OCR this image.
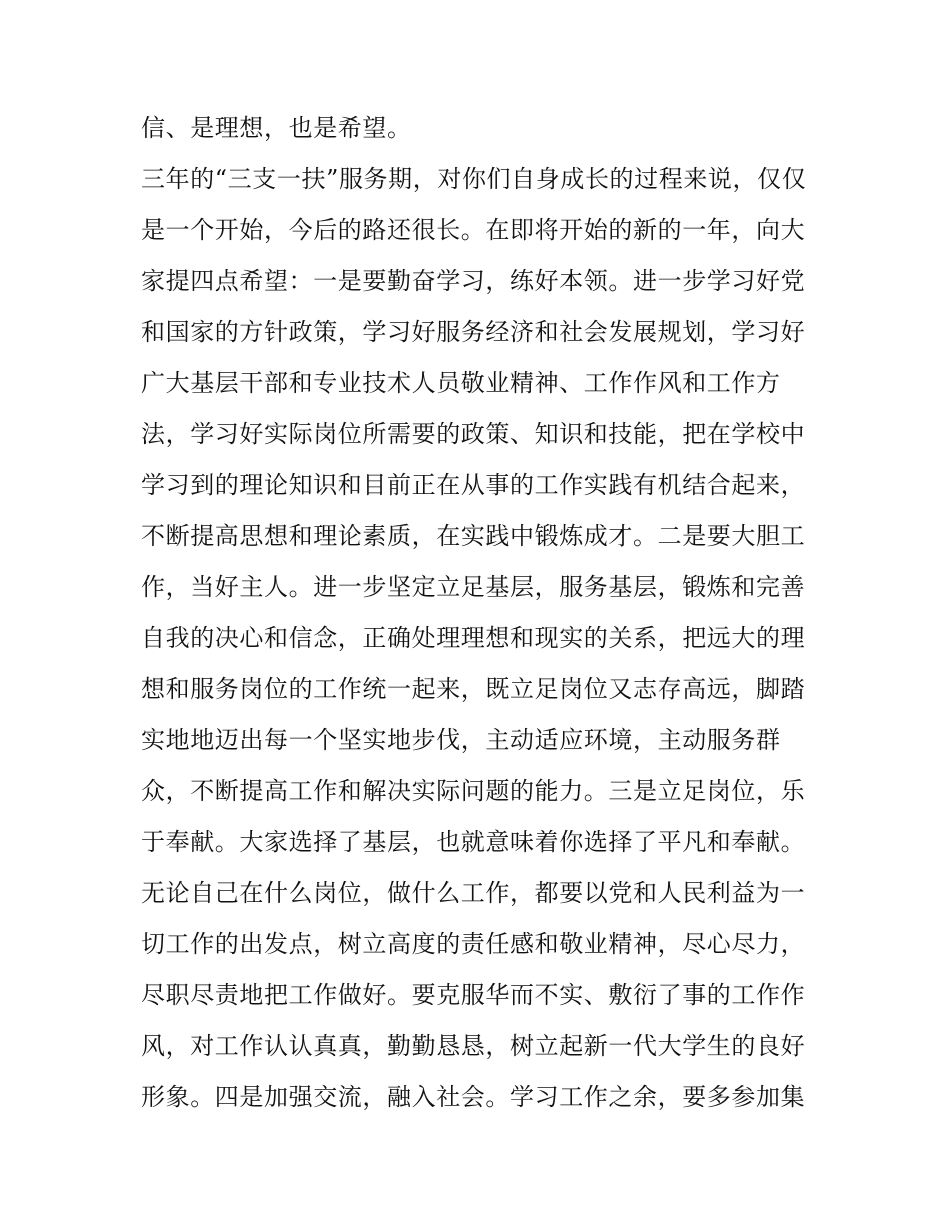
信、是理想，也是希望。
三年的“三支一扶”服务期，对你们自身成长的过程来说，仅仅
是一个开始，今后的路还很长。在即将开始的新的一年，向大
家提四点希望：一是要勤奋学习，练好本领。进一步学习好党
和国家的方针政策，学习好服务经济和社会发展规划，学习好
广大基层干部和专业技术人员敬业精神、工作作风和工作方
法，学习好实际岗位所需要的政策、知识和技能，把在学校中
学习到的理论知识和目前正在从事的工作实践有机结合起来，
不断提高思想和理论素质，在实践中锻炼成才。二是要大胆工
作，当好主人。进一步坚定立足基层，服务基层，锻炼和完善
自我的决心和信念，正确处理理想和现实的关系，把远大的理
想和服务岗位的工作统一起来，既立足岗位又志存高远，脚踏
实地地迈出每一个坚实地步伐，主动适应环境，主动服务群
众，不断提高工作和解决实际问题的能力。三是立足岗位，乐
于奉献。大家选择了基层，也就意味着你选择了平凡和奉献。
无论自己在什么岗位，做什么工作，都要以党和人民利益为一
切工作的出发点，树立高度的责任感和敬业精神，尽心尽力，
尽职尽责地把工作做好。要克服华而不实、敷衍了事的工作作
风，对工作认认真真，勤勤恳恳，树立起新一代大学生的良好
形象。四是加强交流，融入社会。学习工作之余，要多参加集
